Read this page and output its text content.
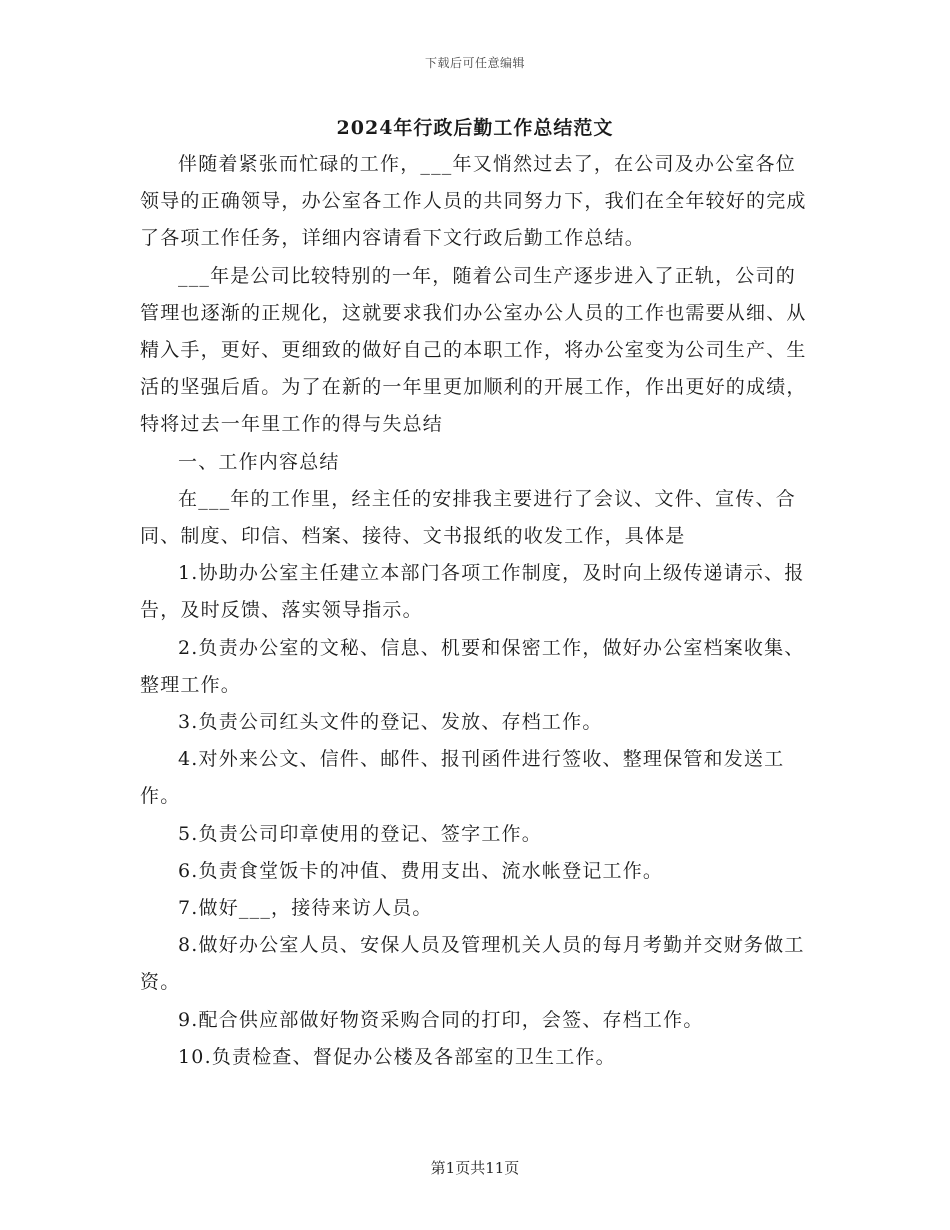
下载后可任意编辑
2024年行政后勤工作总结范文

伴随着紧张而忙碌的工作，___年又悄然过去了，在公司及办公室各位领导的正确领导，办公室各工作人员的共同努力下，我们在全年较好的完成了各项工作任务，详细内容请看下文行政后勤工作总结。

___年是公司比较特别的一年，随着公司生产逐步进入了正轨，公司的管理也逐渐的正规化，这就要求我们办公室办公人员的工作也需要从细、从精入手，更好、更细致的做好自己的本职工作，将办公室变为公司生产、生活的坚强后盾。为了在新的一年里更加顺利的开展工作，作出更好的成绩，特将过去一年里工作的得与失总结

一、工作内容总结

在___年的工作里，经主任的安排我主要进行了会议、文件、宣传、合同、制度、印信、档案、接待、文书报纸的收发工作，具体是

1.协助办公室主任建立本部门各项工作制度，及时向上级传递请示、报告，及时反馈、落实领导指示。

2.负责办公室的文秘、信息、机要和保密工作，做好办公室档案收集、整理工作。

3.负责公司红头文件的登记、发放、存档工作。

4.对外来公文、信件、邮件、报刊函件进行签收、整理保管和发送工作。

5.负责公司印章使用的登记、签字工作。

6.负责食堂饭卡的冲值、费用支出、流水帐登记工作。

7.做好___，接待来访人员。

8.做好办公室人员、安保人员及管理机关人员的每月考勤并交财务做工资。

9.配合供应部做好物资采购合同的打印，会签、存档工作。

10.负责检查、督促办公楼及各部室的卫生工作。

第1页共11页
